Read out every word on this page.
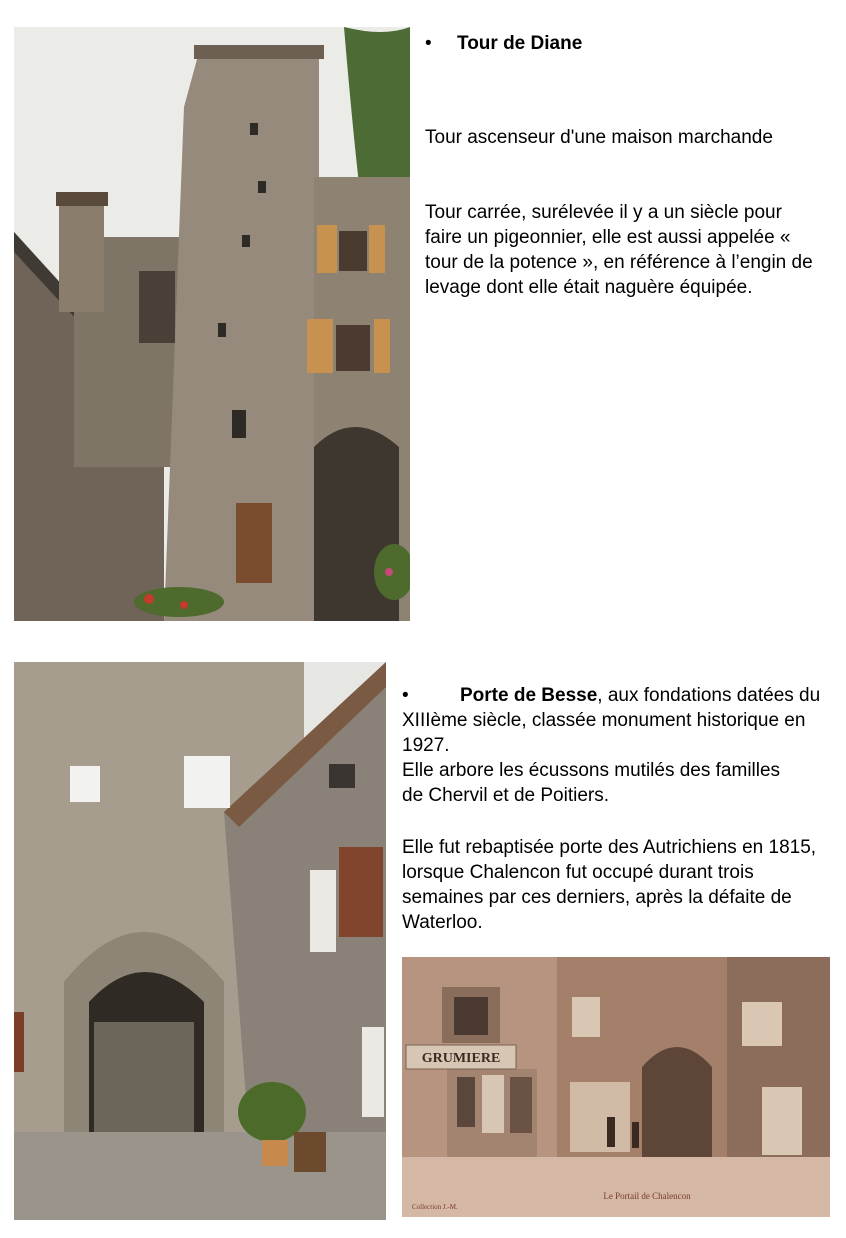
• Tour de Diane
Tour ascenseur d'une maison marchande
Tour carrée, surélevée il y a un siècle pour faire un pigeonnier, elle est aussi appelée « tour de la potence », en référence à l’engin de levage dont elle était naguère équipée.
•	Porte de Besse, aux fondations datées du XIIIème siècle, classée monument historique en 1927.
Elle arbore les écussons mutilés des familles de Chervil et de Poitiers.
Elle fut rebaptisée porte des Autrichiens en 1815, lorsque Chalencon fut occupé durant trois semaines par ces derniers, après la défaite de Waterloo.
GRUMIERE
Le Portail de Chalencon
Collection J.-M.
